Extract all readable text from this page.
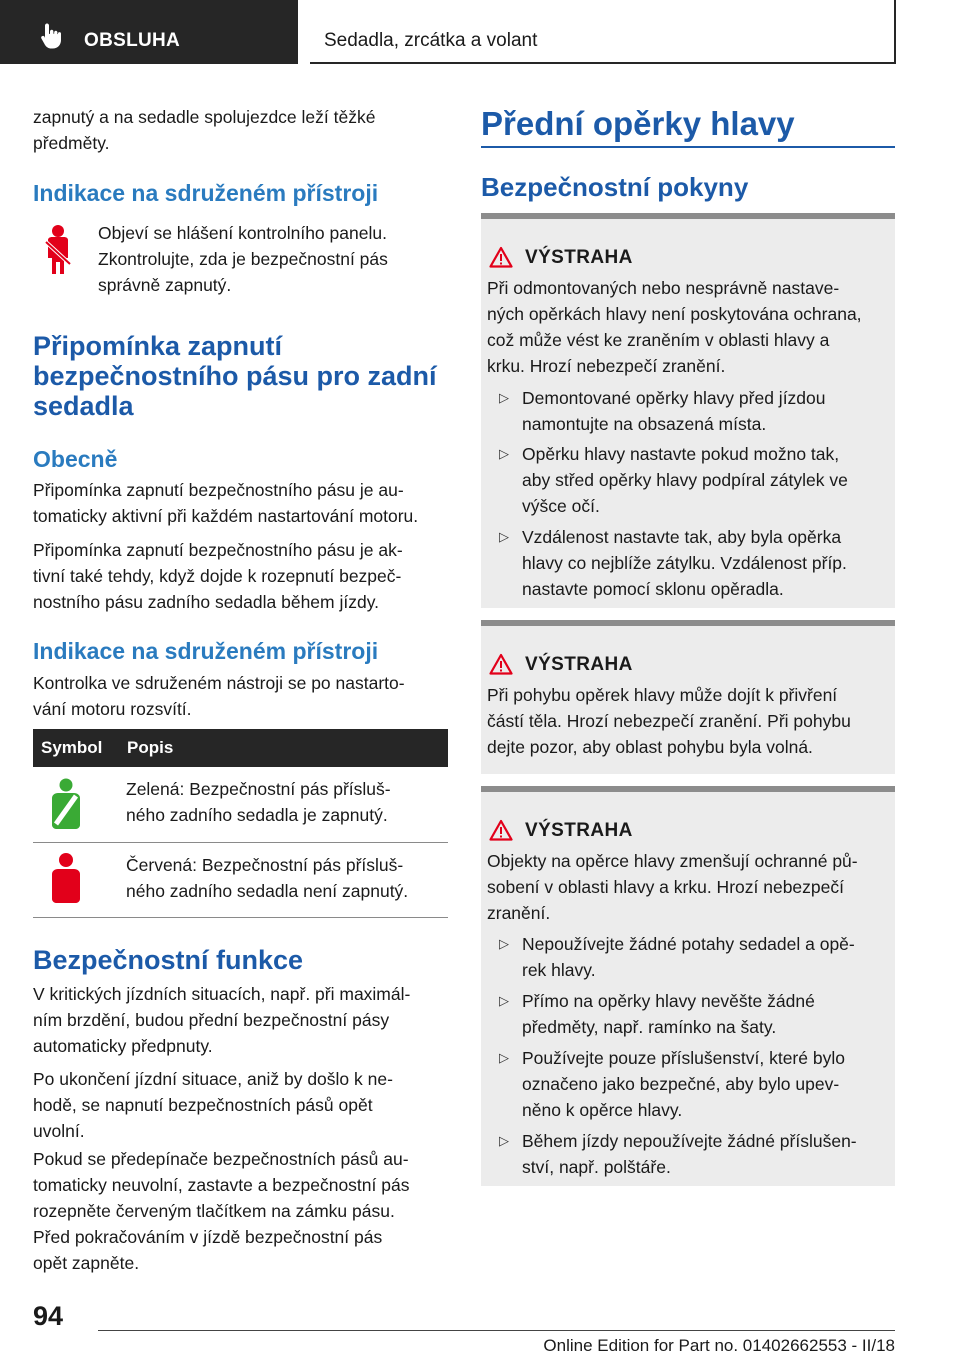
OBSLUHA	Sedadla, zrcátka a volant
zapnutý a na sedadle spolujezdce leží těžké
předměty.
Indikace na sdruženém přístroji
Objeví se hlášení kontrolního panelu.
Zkontrolujte, zda je bezpečnostní pás
správně zapnutý.
Připomínka zapnutí
bezpečnostního pásu pro zadní
sedadla
Obecně
Připomínka zapnutí bezpečnostního pásu je au-
tomaticky aktivní při každém nastartování motoru.
Připomínka zapnutí bezpečnostního pásu je ak-
tivní také tehdy, když dojde k rozepnutí bezpeč-
nostního pásu zadního sedadla během jízdy.
Indikace na sdruženém přístroji
Kontrolka ve sdruženém nástroji se po nastarto-
vání motoru rozsvítí.
Symbol Popis
Zelená: Bezpečnostní pás přísluš-
ného zadního sedadla je zapnutý.
Červená: Bezpečnostní pás přísluš-
ného zadního sedadla není zapnutý.
Bezpečnostní funkce
V kritických jízdních situacích, např. při maximál-
ním brzdění, budou přední bezpečnostní pásy
automaticky předpnuty.
Po ukončení jízdní situace, aniž by došlo k ne-
hodě, se napnutí bezpečnostních pásů opět
uvolní.
Pokud se předepínače bezpečnostních pásů au-
tomaticky neuvolní, zastavte a bezpečnostní pás
rozepněte červeným tlačítkem na zámku pásu.
Před pokračováním v jízdě bezpečnostní pás
opět zapněte.
Přední opěrky hlavy
Bezpečnostní pokyny
VÝSTRAHA
Při odmontovaných nebo nesprávně nastave-
ných opěrkách hlavy není poskytována ochrana,
což může vést ke zraněním v oblasti hlavy a
krku. Hrozí nebezpečí zranění.
▷ Demontované opěrky hlavy před jízdou
namontujte na obsazená místa.
▷ Opěrku hlavy nastavte pokud možno tak,
aby střed opěrky hlavy podpíral zátylek ve
výšce očí.
▷ Vzdálenost nastavte tak, aby byla opěrka
hlavy co nejblíže zátylku. Vzdálenost příp.
nastavte pomocí sklonu opěradla.
VÝSTRAHA
Při pohybu opěrek hlavy může dojít k přivření
částí těla. Hrozí nebezpečí zranění. Při pohybu
dejte pozor, aby oblast pohybu byla volná.
VÝSTRAHA
Objekty na opěrce hlavy zmenšují ochranné pů-
sobení v oblasti hlavy a krku. Hrozí nebezpečí
zranění.
▷ Nepoužívejte žádné potahy sedadel a opě-
rek hlavy.
▷ Přímo na opěrky hlavy nevěšte žádné
předměty, např. ramínko na šaty.
▷ Používejte pouze příslušenství, které bylo
označeno jako bezpečné, aby bylo upev-
něno k opěrce hlavy.
▷ Během jízdy nepoužívejte žádné příslušen-
ství, např. polštáře.
94
Online Edition for Part no. 01402662553 - II/18
